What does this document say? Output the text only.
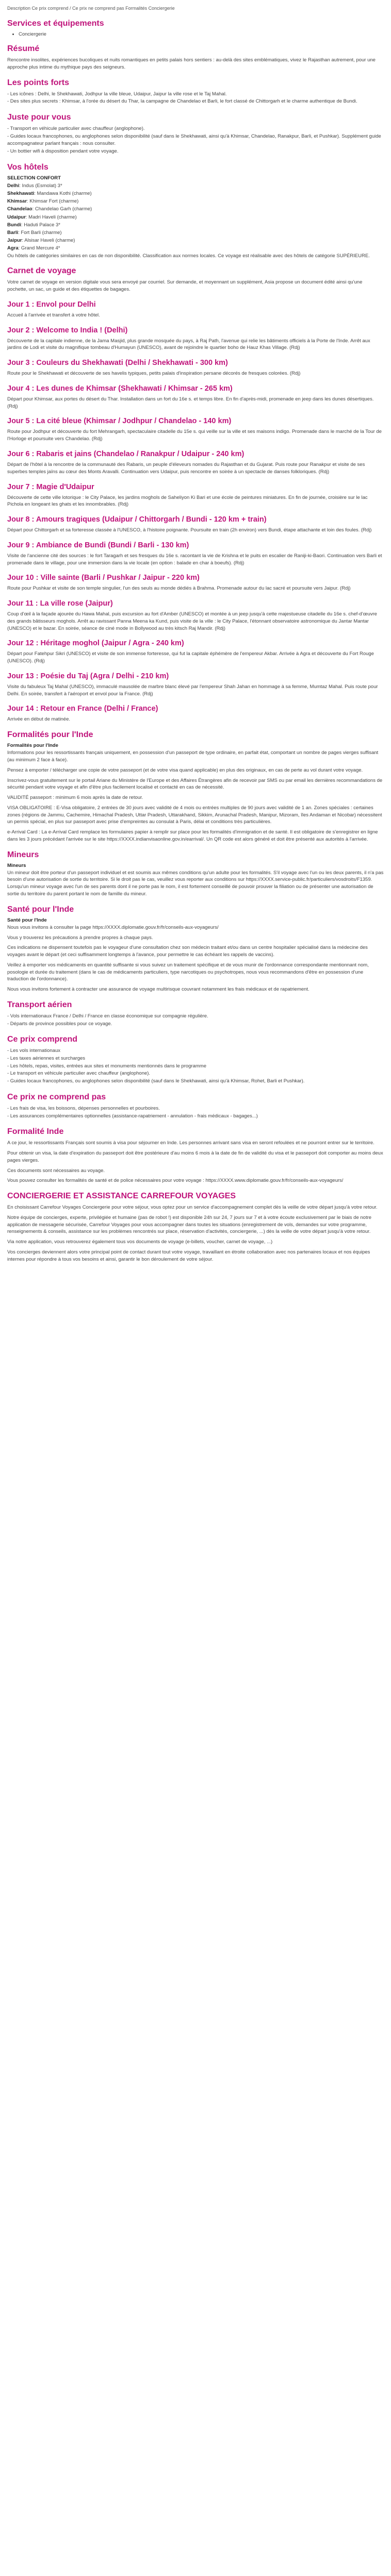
Description Ce prix comprend / Ce prix ne comprend pas Formalités Conciergerie

Services et équipements
• Conciergerie
Résumé

Rencontre insolites, expériences bucoliques et nuits romantiques en petits palais hors sentiers : au-delà des sites emblématiques, vivez le Rajasthan autrement, pour une approche plus intime du mythique pays des seigneurs.

Les points forts
- Les icônes : Delhi, le Shekhawati, Jodhpur la ville bleue, Udaipur, Jaipur la ville rose et le Taj Mahal.
- Des sites plus secrets : Khimsar, à l'orée du désert du Thar, la campagne de Chandelao et Barli, le fort classé de Chittorgarh et le charme authentique de Bundi.
Juste pour vous
- Transport en véhicule particulier avec chauffeur (anglophone).
- Guides locaux francophones, ou anglophones selon disponibilité (sauf dans le Shekhawati, ainsi qu'à Khimsar, Chandelao, Ranakpur, Barli, et Pushkar). Supplément guide accompagnateur parlant français : nous consulter.
- Un bottier wifi à disposition pendant votre voyage.
Vos hôtels
SELECTION CONFORT
Delhi: Indus (Esmolat) 3*
Shekhawati: Mandawa Kothi (charme)
Khimsar: Khimsar Fort (charme)
Chandelao: Chandelao Garh (charme)
Udaipur: Madri Haveli (charme)
Bundi: Haduti Palace 3*
Barli: Fort Barli (charme)
Jaipur: Alsisar Haveli (charme)
Agra: Grand Mercure 4*

Ou hôtels de catégories similaires en cas de non disponibilité. Classification aux normes locales. Ce voyage est réalisable avec des hôtels de catégorie SUPÉRIEURE.

Carnet de voyage

Votre carnet de voyage en version digitale vous sera envoyé par courriel. Sur demande, et moyennant un supplément, Asia propose un document édité ainsi qu'une pochette, un sac, un guide et des étiquettes de bagages.

Jour 1 : Envol pour Delhi

Accueil à l'arrivée et transfert à votre hôtel.

Jour 2 : Welcome to India ! (Delhi)

Découverte de la capitale indienne, de la Jama Masjid, plus grande mosquée du pays, à Raj Path, l'avenue qui relie les bâtiments officiels à la Porte de l'Inde. Arrêt aux jardins de Lodi et visite du magnifique tombeau d'Humayun (UNESCO), avant de rejoindre le quartier boho de Hauz Khas Village. (Rdj)

Jour 3 : Couleurs du Shekhawati (Delhi / Shekhawati - 300 km)

Route pour le Shekhawati et découverte de ses havelis typiques, petits palais d'inspiration persane décorés de fresques colorées. (Rdj)

Jour 4 : Les dunes de Khimsar (Shekhawati / Khimsar - 265 km)

Départ pour Khimsar, aux portes du désert du Thar. Installation dans un fort du 16e s. et temps libre. En fin d'après-midi, promenade en jeep dans les dunes désertiques. (Rdj)

Jour 5 : La cité bleue (Khimsar / Jodhpur / Chandelao - 140 km)

Route pour Jodhpur et découverte du fort Mehrangarh, spectaculaire citadelle du 15e s. qui veille sur la ville et ses maisons indigo. Promenade dans le marché de la Tour de l'Horloge et poursuite vers Chandelao. (Rdj)

Jour 6 : Rabaris et jains (Chandelao / Ranakpur / Udaipur - 240 km)

Départ de l'hôtel à la rencontre de la communauté des Rabaris, un peuple d'éleveurs nomades du Rajasthan et du Gujarat. Puis route pour Ranakpur et visite de ses superbes temples jaïns au cœur des Monts Aravalli. Continuation vers Udaipur, puis rencontre en soirée à un spectacle de danses folkloriques. (Rdj)

Jour 7 : Magie d'Udaipur

Découverte de cette ville lotorique : le City Palace, les jardins moghols de Saheliyon Ki Bari et une école de peintures miniatures. En fin de journée, croisière sur le lac Pichola en longeant les ghats et les innombrables. (Rdj)

Jour 8 : Amours tragiques (Udaipur / Chittorgarh / Bundi - 120 km + train)

Départ pour Chittorgarh et sa forteresse classée à l'UNESCO, à l'histoire poignante. Poursuite en train (2h environ) vers Bundi, étape attachante et loin des foules. (Rdj)

Jour 9 : Ambiance de Bundi (Bundi / Barli - 130 km)

Visite de l'ancienne cité des sources : le fort Taragarh et ses fresques du 16e s. racontant la vie de Krishna et le puits en escalier de Raniji-ki-Baori. Continuation vers Barli et promenade dans le village, pour une immersion dans la vie locale (en option : balade en char à boeufs). (Rdj)

Jour 10 : Ville sainte (Barli / Pushkar / Jaipur - 220 km)

Route pour Pushkar et visite de son temple singulier, l'un des seuls au monde dédiés à Brahma. Promenade autour du lac sacré et poursuite vers Jaipur. (Rdj)

Jour 11 : La ville rose (Jaipur)

Coup d'œil à la façade ajourée du Hawa Mahal, puis excursion au fort d'Amber (UNESCO) et montée à un jeep jusqu'à cette majestueuse citadelle du 16e s. chef-d'œuvre des grands bâtisseurs moghols. Arrêt au ravissant Panna Meena ka Kund, puis visite de la ville : le City Palace, l'étonnant observatoire astronomique du Jantar Mantar (UNESCO) et le bazar. En soirée, séance de ciné mode in Bollywood au très kitsch Raj Mandir. (Rdj)

Jour 12 : Héritage moghol (Jaipur / Agra - 240 km)

Départ pour Fatehpur Sikri (UNESCO) et visite de son immense forteresse, qui fut la capitale éphémère de l'empereur Akbar. Arrivée à Agra et découverte du Fort Rouge (UNESCO). (Rdj)

Jour 13 : Poésie du Taj (Agra / Delhi - 210 km)

Visite du fabuleux Taj Mahal (UNESCO), immaculé mausolée de marbre blanc élevé par l'empereur Shah Jahan en hommage à sa femme, Mumtaz Mahal. Puis route pour Delhi. En soirée, transfert à l'aéroport et envol pour la France. (Rdj)

Jour 14 : Retour en France (Delhi / France)

Arrivée en début de matinée.

Formalités pour l'Inde
Formalités pour l'Inde

Informations pour les ressortissants français uniquement, en possession d'un passeport de type ordinaire, en parfait état, comportant un nombre de pages vierges suffisant (au minimum 2 face à face).

Pensez à emporter / télécharger une copie de votre passeport (et de votre visa quand applicable) en plus des originaux, en cas de perte au vol durant votre voyage.

Inscrivez-vous gratuitement sur le portail Ariane du Ministère de l'Europe et des Affaires Étrangères afin de recevoir par SMS ou par email les dernières recommandations de sécurité pendant votre voyage et afin d'être plus facilement localisé et contacté en cas de nécessité.

VALIDITÉ passeport : minimum 6 mois après la date de retour.

VISA OBLIGATOIRE : E-Visa obligatoire, 2 entrées de 30 jours avec validité de 4 mois ou entrées multiples de 90 jours avec validité de 1 an. Zones spéciales : certaines zones (régions de Jammu, Cachemire, Himachal Pradesh, Uttar Pradesh, Uttarakhand, Sikkim, Arunachal Pradesh, Manipur, Mizoram, îles Andaman et Nicobar) nécessitent un permis spécial, en plus sur passeport avec prise d'empreintes au consulat à Paris, délai et conditions très particulières.

e-Arrival Card : La e-Arrival Card remplace les formulaires papier à remplir sur place pour les formalités d'immigration et de santé. Il est obligatoire de s'enregistrer en ligne dans les 3 jours précédant l'arrivée sur le site https://XXXX.indianvisaonline.gov.in/earrival/. Un QR code est alors généré et doit être présenté aux autorités à l'arrivée.

Mineurs
Mineurs

Un mineur doit être porteur d'un passeport individuel et est soumis aux mêmes conditions qu'un adulte pour les formalités. S'il voyage avec l'un ou les deux parents, il n'a pas besoin d'une autorisation de sortie du territoire. Si le droit pas le cas, veuillez vous reporter aux conditions sur https://XXXX.service-public.fr/particuliers/vosdroits/F1359. Lorsqu'un mineur voyage avec l'un de ses parents dont il ne porte pas le nom, il est fortement conseillé de pouvoir prouver la filiation ou de présenter une autorisation de sortie du territoire du parent portant le nom de famille du mineur.

Santé pour l'Inde
Santé pour l'Inde

Nous vous invitons à consulter la page https://XXXX.diplomatie.gouv.fr/fr/conseils-aux-voyageurs/

Vous y trouverez les précautions à prendre propres à chaque pays.

Ces indications ne dispensent toutefois pas le voyageur d'une consultation chez son médecin traitant et/ou dans un centre hospitalier spécialisé dans la médecine des voyages avant le départ (et ceci suffisamment longtemps à l'avance, pour permettre le cas échéant les rappels de vaccins).

Veillez à emporter vos médicaments en quantité suffisante si vous suivez un traitement spécifique et de vous munir de l'ordonnance correspondante mentionnant nom, posologie et durée du traitement (dans le cas de médicaments particuliers, type narcotiques ou psychotropes, nous vous recommandons d'être en possession d'une traduction de l'ordonnance).

Nous vous invitons fortement à contracter une assurance de voyage multirisque couvrant notamment les frais médicaux et de rapatriement.

Transport aérien
- Vols internationaux France / Delhi / France en classe économique sur compagnie régulière.
- Départs de province possibles pour ce voyage.
Ce prix comprend
- Les vols internationaux
- Les taxes aériennes et surcharges
- Les hôtels, repas, visites, entrées aux sites et monuments mentionnés dans le programme
- Le transport en véhicule particulier avec chauffeur (anglophone).
- Guides locaux francophones, ou anglophones selon disponibilité (sauf dans le Shekhawati, ainsi qu'à Khimsar, Rohet, Barli et Pushkar).
Ce prix ne comprend pas
- Les frais de visa, les boissons, dépenses personnelles et pourboires.
- Les assurances complémentaires optionnelles (assistance-rapatriement - annulation - frais médicaux - bagages...)
Formalité Inde

A ce jour, le ressortissants Français sont soumis à visa pour séjourner en Inde. Les personnes arrivant sans visa en seront refoulées et ne pourront entrer sur le territoire.

Pour obtenir un visa, la date d'expiration du passeport doit être postérieure d'au moins 6 mois à la date de fin de validité du visa et le passeport doit comporter au moins deux pages vierges.

Ces documents sont nécessaires au voyage.

Vous pouvez consulter les formalités de santé et de police nécessaires pour votre voyage : https://XXXX.www.diplomatie.gouv.fr/fr/conseils-aux-voyageurs/

CONCIERGERIE ET ASSISTANCE CARREFOUR VOYAGES

En choisissant Carrefour Voyages Conciergerie pour votre séjour, vous optez pour un service d'accompagnement complet dès la veille de votre départ jusqu'à votre retour.

Notre équipe de concierges, experte, privilégiée et humaine (pas de robot !) est disponible 24h sur 24, 7 jours sur 7 et à votre écoute exclusivement par le biais de notre application de messagerie sécurisée, Carrefour Voyages pour vous accompagner dans toutes les situations (enregistrement de vols, demandes sur votre programme, renseignements & conseils, assistance sur les problèmes rencontrés sur place, réservation d'activités, conciergerie, ...) dès la veille de votre départ jusqu'à votre retour.

Via notre application, vous retrouverez également tous vos documents de voyage (e-billets, voucher, carnet de voyage, ...)

Vos concierges deviennent alors votre principal point de contact durant tout votre voyage, travaillant en étroite collaboration avec nos partenaires locaux et nos équipes internes pour répondre à tous vos besoins et ainsi, garantir le bon déroulement de votre séjour.
